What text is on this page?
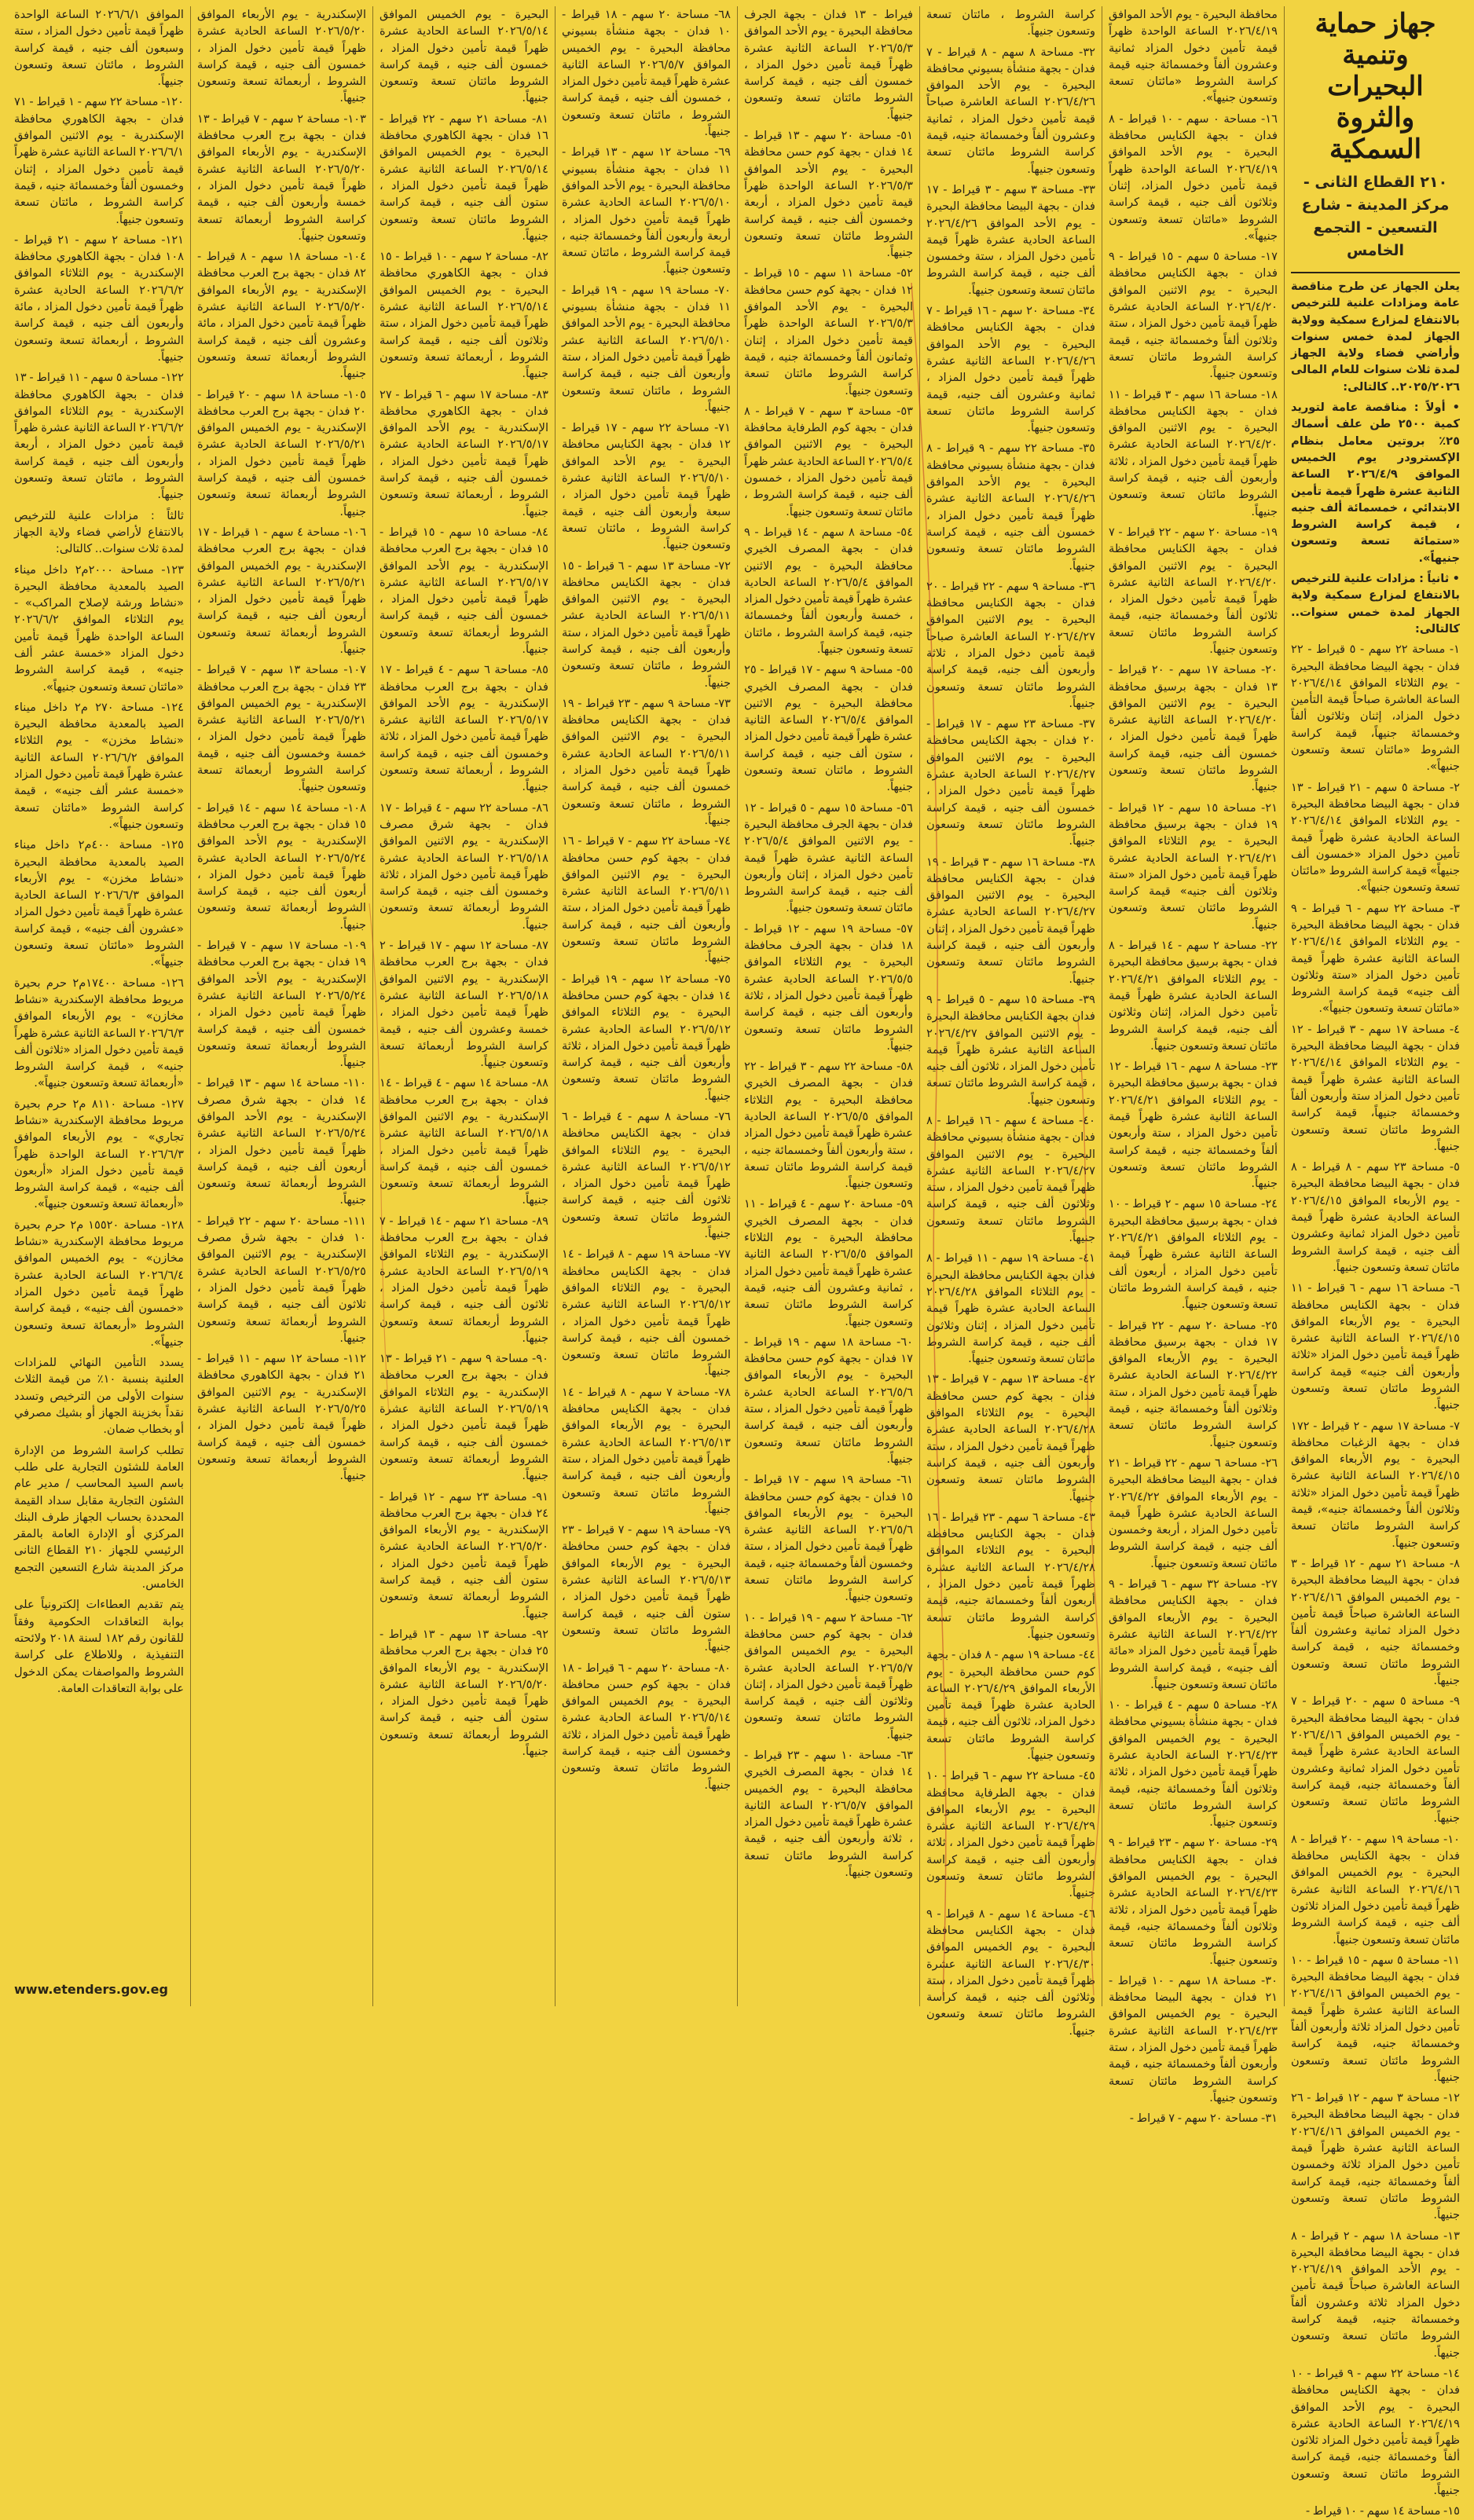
جهاز حماية وتنمية البحيرات والثروة السمكية
٢١٠ القطاع الثانى - مركز المدينة - شارع التسعين - التجمع الخامس

يعلن الجهاز عن طرح مناقصة عامة ومزادات علنية للترخيص بالانتفاع لمزارع سمكية وولاية الجهاز لمدة خمس سنوات وأراضي فضاء ولاية الجهاز لمدة ثلاث سنوات للعام المالى ٢٠٢٥/٢٠٢٦.. كالتالى:

• أولاً : مناقصة عامة لتوريد كمية ٢٥٠٠ طن علف أسماك ٢٥٪ بروتين معامل بنظام الإكسترودر يوم الخميس الموافق ٢٠٢٦/٤/٩ الساعة الثانية عشرة ظهراً قيمة تأمين الابتدائي ، خمسمائة ألف جنيه ، قيمة كراسة الشروط «ستمائة تسعة وتسعون جنيهاً».

• ثانياً : مزادات علنية للترخيص بالانتفاع لمزارع سمكية ولاية الجهاز لمدة خمس سنوات.. كالتالى:

١- مساحة ٢٢ سهم - ٥ قيراط - ٢٢ فدان - بجهة البيضا محافظة البحيرة - يوم الثلاثاء الموافق ٢٠٢٦/٤/١٤ الساعة العاشرة صباحاً قيمة التأمين دخول المزاد، إثنان وثلاثون ألفاً وخمسمائة جنيهاً، قيمة كراسة الشروط «مائتان تسعة وتسعون جنيهاً».

٢- مساحة ٥ سهم - ٢١ قيراط - ١٣ فدان - بجهة البيضا محافظة البحيرة - يوم الثلاثاء الموافق ٢٠٢٦/٤/١٤ الساعة الحادية عشرة ظهراً قيمة تأمين دخول المزاد «خمسون ألف جنيهاً» قيمة كراسة الشروط «مائتان تسعة وتسعون جنيهاً».

٣- مساحة ٢٢ سهم - ٦ قيراط - ٩ فدان - بجهة البيضا محافظة البحيرة - يوم الثلاثاء الموافق ٢٠٢٦/٤/١٤ الساعة الثانية عشرة ظهراً قيمة تأمين دخول المزاد «ستة وثلاثون ألف جنيه» قيمة كراسة الشروط «مائتان تسعة وتسعون جنيهاً».

٤- مساحة ١٧ سهم - ٣ قيراط - ١٢ فدان - بجهة البيضا محافظة البحيرة - يوم الثلاثاء الموافق ٢٠٢٦/٤/١٤ الساعة الثانية عشرة ظهراً قيمة تأمين دخول المزاد ستة وأربعون ألفاً وخمسمائة جنيهاً، قيمة كراسة الشروط مائتان تسعة وتسعون جنيهاً.

٥- مساحة ٢٣ سهم - ٨ قيراط - ٨ فدان - بجهة البيضا محافظة البحيرة - يوم الأربعاء الموافق ٢٠٢٦/٤/١٥ الساعة الحادية عشرة ظهراً قيمة تأمين دخول المزاد ثمانية وعشرون ألف جنيه ، قيمة كراسة الشروط مائتان تسعة وتسعون جنيهاً.

٦- مساحة ١٦ سهم - ٦ قيراط - ١١ فدان - بجهة الكنايس محافظة البحيرة - يوم الأربعاء الموافق ٢٠٢٦/٤/١٥ الساعة الثانية عشرة ظهراً قيمة تأمين دخول المزاد «ثلاثة وأربعون ألف جنيه» قيمة كراسة الشروط مائتان تسعة وتسعون جنيهاً.

٧- مساحة ١٧ سهم - ٢ قيراط - ١٧٢ فدان - بجهة الزغبات محافظة البحيرة - يوم الأربعاء الموافق ٢٠٢٦/٤/١٥ الساعة الثانية عشرة ظهراً قيمة تأمين دخول المزاد «ثلاثة وثلاثون ألفاً وخمسمائة جنيه»، قيمة كراسة الشروط مائتان تسعة وتسعون جنيهاً.

٨- مساحة ٢١ سهم - ١٢ قيراط - ٣ فدان - بجهة البيضا محافظة البحيرة - يوم الخميس الموافق ٢٠٢٦/٤/١٦ الساعة العاشرة صباحاً قيمة تأمين دخول المزاد ثمانية وعشرون ألفاً وخمسمائة جنيه ، قيمة كراسة الشروط مائتان تسعة وتسعون جنيهاً.

٩- مساحة ٥ سهم - ٢٠ قيراط - ٧ فدان - بجهة البيضا محافظة البحيرة - يوم الخميس الموافق ٢٠٢٦/٤/١٦ الساعة الحادية عشرة ظهراً قيمة تأمين دخول المزاد ثمانية وعشرون ألفاً وخمسمائة جنيه، قيمة كراسة الشروط مائتان تسعة وتسعون جنيهاً.

١٠- مساحة ١٩ سهم - ٢٠ قيراط - ٨ فدان - بجهة الكنايس محافظة البحيرة - يوم الخميس الموافق ٢٠٢٦/٤/١٦ الساعة الثانية عشرة ظهراً قيمة تأمين دخول المزاد ثلاثون ألف جنيه ، قيمة كراسة الشروط مائتان تسعة وتسعون جنيهاً.

١١- مساحة ٥ سهم - ١٥ قيراط - ١٠ فدان - بجهة البيضا محافظة البحيرة - يوم الخميس الموافق ٢٠٢٦/٤/١٦ الساعة الثانية عشرة ظهراً قيمة تأمين دخول المزاد ثلاثة وأربعون ألفاً وخمسمائة جنيه، قيمة كراسة الشروط مائتان تسعة وتسعون جنيهاً.

١٢- مساحة ٣ سهم - ١٢ قيراط - ٢٦ فدان - بجهة البيضا محافظة البحيرة - يوم الخميس الموافق ٢٠٢٦/٤/١٦ الساعة الثانية عشرة ظهراً قيمة تأمين دخول المزاد ثلاثة وخمسون ألفاً وخمسمائة جنيه، قيمة كراسة الشروط مائتان تسعة وتسعون جنيهاً.

١٣- مساحة ١٨ سهم - ٢ قيراط - ٨ فدان - بجهة البيضا محافظة البحيرة - يوم الأحد الموافق ٢٠٢٦/٤/١٩ الساعة العاشرة صباحاً قيمة تأمين دخول المزاد ثلاثة وعشرون ألفاً وخمسمائة جنيه، قيمة كراسة الشروط مائتان تسعة وتسعون جنيهاً.

١٤- مساحة ٢٢ سهم - ٩ قيراط - ١٠ فدان - بجهة الكنايس محافظة البحيرة - يوم الأحد الموافق ٢٠٢٦/٤/١٩ الساعة الحادية عشرة ظهراً قيمة تأمين دخول المزاد ثلاثون ألفاً وخمسمائة جنيه، قيمة كراسة الشروط مائتان تسعة وتسعون جنيهاً.

١٥- مساحة ١٤ سهم - ١٠ قيراط -

محافظة البحيرة - يوم الأحد الموافق ٢٠٢٦/٤/١٩ الساعة الواحدة ظهراً قيمة تأمين دخول المزاد ثمانية وعشرون ألفاً وخمسمائة جنيه قيمة كراسة الشروط «مائتان تسعة وتسعون جنيهاً».

١٦- مساحة ٠ سهم - ١٠ قيراط - ٨ فدان - بجهة الكنايس محافظة البحيرة - يوم الأحد الموافق ٢٠٢٦/٤/١٩ الساعة الواحدة ظهراً قيمة تأمين دخول المزاد، إثنان وثلاثون ألف جنيه ، قيمة كراسة الشروط «مائتان تسعة وتسعون جنيهاً».

١٧- مساحة ٥ سهم - ١٥ قيراط - ٩ فدان - بجهة الكنايس محافظة البحيرة - يوم الاثنين الموافق ٢٠٢٦/٤/٢٠ الساعة الحادية عشرة ظهراً قيمة تأمين دخول المزاد ، ستة وثلاثون ألفاً وخمسمائة جنيه ، قيمة كراسة الشروط مائتان تسعة وتسعون جنيهاً.

١٨- مساحة ١٦ سهم - ٣ قيراط - ١١ فدان - بجهة الكنايس محافظة البحيرة - يوم الاثنين الموافق ٢٠٢٦/٤/٢٠ الساعة الحادية عشرة ظهراً قيمة تأمين دخول المزاد ، ثلاثة وأربعون ألف جنيه ، قيمة كراسة الشروط مائتان تسعة وتسعون جنيهاً.

١٩- مساحة ٢٠ سهم - ٢٢ قيراط - ٧ فدان - بجهة الكنايس محافظة البحيرة - يوم الاثنين الموافق ٢٠٢٦/٤/٢٠ الساعة الثانية عشرة ظهراً قيمة تأمين دخول المزاد ، ثلاثون ألفاً وخمسمائة جنيه، قيمة كراسة الشروط مائتان تسعة وتسعون جنيهاً.

٢٠- مساحة ١٧ سهم - ٢٠ قيراط - ١٣ فدان - بجهة برسيق محافظة البحيرة - يوم الاثنين الموافق ٢٠٢٦/٤/٢٠ الساعة الثانية عشرة ظهراً قيمة تأمين دخول المزاد ، خمسون ألف جنيه، قيمة كراسة الشروط مائتان تسعة وتسعون جنيهاً.

٢١- مساحة ١٥ سهم - ١٢ قيراط - ١٩ فدان - بجهة برسيق محافظة البحيرة - يوم الثلاثاء الموافق ٢٠٢٦/٤/٢١ الساعة الحادية عشرة ظهراً قيمة تأمين دخول المزاد «ستة وثلاثون ألف جنيه» قيمة كراسة الشروط مائتان تسعة وتسعون جنيهاً.

٢٢- مساحة ٢ سهم - ١٤ قيراط - ٨ فدان - بجهة برسيق محافظة البحيرة - يوم الثلاثاء الموافق ٢٠٢٦/٤/٢١ الساعة الحادية عشرة ظهراً قيمة تأمين دخول المزاد، إثنان وثلاثون ألف جنيه، قيمة كراسة الشروط مائتان تسعة وتسعون جنيهاً.

٢٣- مساحة ٨ سهم - ١٦ قيراط - ١٢ فدان - بجهة برسيق محافظة البحيرة - يوم الثلاثاء الموافق ٢٠٢٦/٤/٢١ الساعة الثانية عشرة ظهراً قيمة تأمين دخول المزاد ، ستة وأربعون ألفاً وخمسمائة جنيه ، قيمة كراسة الشروط مائتان تسعة وتسعون جنيهاً.

٢٤- مساحة ١٥ سهم - ٢ قيراط - ١٠ فدان - بجهة برسيق محافظة البحيرة - يوم الثلاثاء الموافق ٢٠٢٦/٤/٢١ الساعة الثانية عشرة ظهراً قيمة تأمين دخول المزاد ، أربعون ألف جنيه ، قيمة كراسة الشروط مائتان تسعة وتسعون جنيهاً.

٢٥- مساحة ٢٠ سهم - ٢٢ قيراط - ١٧ فدان - بجهة برسيق محافظة البحيرة - يوم الأربعاء الموافق ٢٠٢٦/٤/٢٢ الساعة الحادية عشرة ظهراً قيمة تأمين دخول المزاد ، ستة وثلاثون ألفاً وخمسمائة جنيه ، قيمة كراسة الشروط مائتان تسعة وتسعون جنيهاً.

٢٦- مساحة ٦ سهم - ٢٢ قيراط - ٢١ فدان - بجهة البيضا محافظة البحيرة - يوم الأربعاء الموافق ٢٠٢٦/٤/٢٢ الساعة الحادية عشرة ظهراً قيمة تأمين دخول المزاد ، أربعة وخمسون ألف جنيه ، قيمة كراسة الشروط مائتان تسعة وتسعون جنيهاً.

٢٧- مساحة ٣٢ سهم - ٦ قيراط - ٩ فدان - بجهة الكنايس محافظة البحيرة - يوم الأربعاء الموافق ٢٠٢٦/٤/٢٢ الساعة الثانية عشرة ظهراً قيمة تأمين دخول المزاد «مائة ألف جنيه» ، قيمة كراسة الشروط مائتان تسعة وتسعون جنيهاً.

٢٨- مساحة ٥ سهم - ٤ قيراط - ١٠ فدان - بجهة منشأة بسيوني محافظة البحيرة - يوم الخميس الموافق ٢٠٢٦/٤/٢٣ الساعة الحادية عشرة ظهراً قيمة تأمين دخول المزاد ، ثلاثة وثلاثون ألفاً وخمسمائة جنيه، قيمة كراسة الشروط مائتان تسعة وتسعون جنيهاً.

٢٩- مساحة ٢٠ سهم - ٢٣ قيراط - ٩ فدان - بجهة الكنايس محافظة البحيرة - يوم الخميس الموافق ٢٠٢٦/٤/٢٣ الساعة الحادية عشرة ظهراً قيمة تأمين دخول المزاد ، ثلاثة وثلاثون ألفاً وخمسمائة جنيه، قيمة كراسة الشروط مائتان تسعة وتسعون جنيهاً.

٣٠- مساحة ١٨ سهم - ١٠ قيراط - ٢١ فدان - بجهة البيضا محافظة البحيرة - يوم الخميس الموافق ٢٠٢٦/٤/٢٣ الساعة الثانية عشرة ظهراً قيمة تأمين دخول المزاد ، ستة وأربعون ألفاً وخمسمائة جنيه ، قيمة كراسة الشروط مائتان تسعة وتسعون جنيهاً.

٣١- مساحة ٢٠ سهم - ٧ قيراط -

كراسة الشروط ، مائتان تسعة وتسعون جنيهاً.

٣٢- مساحة ٨ سهم - ٨ قيراط - ٧ فدان - بجهة منشأة بسيوني محافظة البحيرة - يوم الأحد الموافق ٢٠٢٦/٤/٢٦ الساعة العاشرة صباحاً قيمة تأمين دخول المزاد ، ثمانية وعشرون ألفاً وخمسمائة جنيه، قيمة كراسة الشروط مائتان تسعة وتسعون جنيهاً.

٣٣- مساحة ٣ سهم - ٣ قيراط - ١٧ فدان - بجهة البيضا محافظة البحيرة - يوم الأحد الموافق ٢٠٢٦/٤/٢٦ الساعة الحادية عشرة ظهراً قيمة تأمين دخول المزاد ، ستة وخمسون ألف جنيه ، قيمة كراسة الشروط مائتان تسعة وتسعون جنيهاً.

٣٤- مساحة ٢٠ سهم - ١٦ قيراط - ٧ فدان - بجهة الكنايس محافظة البحيرة - يوم الأحد الموافق ٢٠٢٦/٤/٢٦ الساعة الثانية عشرة ظهراً قيمة تأمين دخول المزاد ، ثمانية وعشرون ألف جنيه، قيمة كراسة الشروط مائتان تسعة وتسعون جنيهاً.

٣٥- مساحة ٢٢ سهم - ٩ قيراط - ٨ فدان - بجهة منشأة بسيوني محافظة البحيرة - يوم الأحد الموافق ٢٠٢٦/٤/٢٦ الساعة الثانية عشرة ظهراً قيمة تأمين دخول المزاد ، خمسون ألف جنيه ، قيمة كراسة الشروط مائتان تسعة وتسعون جنيهاً.

٣٦- مساحة ٩ سهم - ٢٢ قيراط - ٢٠ فدان - بجهة الكنايس محافظة البحيرة - يوم الاثنين الموافق ٢٠٢٦/٤/٢٧ الساعة العاشرة صباحاً قيمة تأمين دخول المزاد ، ثلاثة وأربعون ألف جنيه، قيمة كراسة الشروط مائتان تسعة وتسعون جنيهاً.

٣٧- مساحة ٢٣ سهم - ١٧ قيراط - ٢٠ فدان - بجهة الكنايس محافظة البحيرة - يوم الاثنين الموافق ٢٠٢٦/٤/٢٧ الساعة الحادية عشرة ظهراً قيمة تأمين دخول المزاد ، خمسون ألف جنيه ، قيمة كراسة الشروط مائتان تسعة وتسعون جنيهاً.

٣٨- مساحة ١٦ سهم - ٣ قيراط - ١٩ فدان - بجهة الكنايس محافظة البحيرة - يوم الاثنين الموافق ٢٠٢٦/٤/٢٧ الساعة الحادية عشرة ظهراً قيمة تأمين دخول المزاد ، إثنان وأربعون ألف جنيه ، قيمة كراسة الشروط مائتان تسعة وتسعون جنيهاً.

٣٩- مساحة ١٥ سهم - ٥ قيراط - ٩ فدان بجهة الكنايس محافظة البحيرة - يوم الاثنين الموافق ٢٠٢٦/٤/٢٧ الساعة الثانية عشرة ظهراً قيمة تأمين دخول المزاد ، ثلاثون ألف جنيه ، قيمة كراسة الشروط مائتان تسعة وتسعون جنيهاً.

٤٠- مساحة ٤ سهم - ١٦ قيراط - ٨ فدان - بجهة منشأة بسيوني محافظة البحيرة - يوم الاثنين الموافق ٢٠٢٦/٤/٢٧ الساعة الثانية عشرة ظهراً قيمة تأمين دخول المزاد ، ستة وثلاثون ألف جنيه ، قيمة كراسة الشروط مائتان تسعة وتسعون جنيهاً.

٤١- مساحة ١٩ سهم - ١١ قيراط - ٨ فدان بجهة الكنايس محافظة البحيرة - يوم الثلاثاء الموافق ٢٠٢٦/٤/٢٨ الساعة الحادية عشرة ظهراً قيمة تأمين دخول المزاد ، إثنان وثلاثون ألف جنيه ، قيمة كراسة الشروط مائتان تسعة وتسعون جنيهاً.

٤٢- مساحة ١٣ سهم - ٧ قيراط - ١٣ فدان - بجهة كوم حسن محافظة البحيرة - يوم الثلاثاء الموافق ٢٠٢٦/٤/٢٨ الساعة الحادية عشرة ظهراً قيمة تأمين دخول المزاد ، ستة وأربعون ألف جنيه ، قيمة كراسة الشروط مائتان تسعة وتسعون جنيهاً.

٤٣- مساحة ٦ سهم - ٢٣ قيراط - ١٦ فدان - بجهة الكنايس محافظة البحيرة - يوم الثلاثاء الموافق ٢٠٢٦/٤/٢٨ الساعة الثانية عشرة ظهراً قيمة تأمين دخول المزاد ، أربعون ألفاً وخمسمائة جنيه، قيمة كراسة الشروط مائتان تسعة وتسعون جنيهاً.

٤٤- مساحة ١٩ سهم - ٨ فدان - بجهة كوم حسن محافظة البحيرة - يوم الأربعاء الموافق ٢٠٢٦/٤/٢٩ الساعة الحادية عشرة ظهراً قيمة تأمين دخول المزاد، ثلاثون ألف جنيه ، قيمة كراسة الشروط مائتان تسعة وتسعون جنيهاً.

٤٥- مساحة ٢٢ سهم - ٦ قيراط - ١٠ فدان - بجهة الطرفاية محافظة البحيرة - يوم الأربعاء الموافق ٢٠٢٦/٤/٢٩ الساعة الثانية عشرة ظهراً قيمة تأمين دخول المزاد ، ثلاثة وأربعون ألف جنيه ، قيمة كراسة الشروط مائتان تسعة وتسعون جنيهاً.

٤٦- مساحة ١٤ سهم - ٨ قيراط - ٩ فدان - بجهة الكنايس محافظة البحيرة - يوم الخميس الموافق ٢٠٢٦/٤/٣٠ الساعة الثانية عشرة ظهراً قيمة تأمين دخول المزاد ، ستة وثلاثون ألف جنيه ، قيمة كراسة الشروط مائتان تسعة وتسعون جنيهاً.

فيراط - ١٣ فدان - بجهة الجرف محافظة البحيرة - يوم الأحد الموافق ٢٠٢٦/٥/٣ الساعة الثانية عشرة ظهراً قيمة تأمين دخول المزاد ، خمسون ألف جنيه ، قيمة كراسة الشروط مائتان تسعة وتسعون جنيهاً.

٥١- مساحة ٢٠ سهم - ١٣ قيراط - ١٤ فدان - بجهة كوم حسن محافظة البحيرة - يوم الأحد الموافق ٢٠٢٦/٥/٣ الساعة الواحدة ظهراً قيمة تأمين دخول المزاد ، أربعة وخمسون ألف جنيه ، قيمة كراسة الشروط مائتان تسعة وتسعون جنيهاً.

٥٢- مساحة ١١ سهم - ١٥ قيراط - ١٢ فدان - بجهة كوم حسن محافظة البحيرة - يوم الأحد الموافق ٢٠٢٦/٥/٣ الساعة الواحدة ظهراً قيمة تأمين دخول المزاد ، إثنان وثمانون ألفاً وخمسمائة جنيه ، قيمة كراسة الشروط مائتان تسعة وتسعون جنيهاً.

٥٣- مساحة ٣ سهم - ٧ قيراط - ٨ فدان - بجهة كوم الطرفاية محافظة البحيرة - يوم الاثنين الموافق ٢٠٢٦/٥/٤ الساعة الحادية عشر ظهراً قيمة تأمين دخول المزاد ، خمسون ألف جنيه ، قيمة كراسة الشروط ، مائتان تسعة وتسعون جنيهاً.

٥٤- مساحة ٨ سهم - ١٤ قيراط - ٩ فدان - بجهة المصرف الخيري محافظة البحيرة - يوم الاثنين الموافق ٢٠٢٦/٥/٤ الساعة الحادية عشرة ظهراً قيمة تأمين دخول المزاد ، خمسة وأربعون ألفاً وخمسمائة جنيه، قيمة كراسة الشروط ، مائتان تسعة وتسعون جنيهاً.

٥٥- مساحة ٩ سهم - ١٧ قيراط - ٢٥ فدان - بجهة المصرف الخيري محافظة البحيرة - يوم الاثنين الموافق ٢٠٢٦/٥/٤ الساعة الثانية عشرة ظهراً قيمة تأمين دخول المزاد ، ستون ألف جنيه ، قيمة كراسة الشروط ، مائتان تسعة وتسعون جنيهاً.

٥٦- مساحة ١٥ سهم - ٥ قيراط - ١٢ فدان - بجهة الجرف محافظة البحيرة - يوم الاثنين الموافق ٢٠٢٦/٥/٤ الساعة الثانية عشرة ظهراً قيمة تأمين دخول المزاد ، إثنان وأربعون ألف جنيه ، قيمة كراسة الشروط مائتان تسعة وتسعون جنيهاً.

٥٧- مساحة ١٩ سهم - ١٢ قيراط - ١٨ فدان - بجهة الجرف محافظة البحيرة - يوم الثلاثاء الموافق ٢٠٢٦/٥/٥ الساعة الحادية عشرة ظهراً قيمة تأمين دخول المزاد ، ثلاثة وأربعون ألف جنيه ، قيمة كراسة الشروط مائتان تسعة وتسعون جنيهاً.

٥٨- مساحة ٢٢ سهم - ٣ قيراط - ٢٢ فدان - بجهة المصرف الخيري محافظة البحيرة - يوم الثلاثاء الموافق ٢٠٢٦/٥/٥ الساعة الحادية عشرة ظهراً قيمة تأمين دخول المزاد ، ستة وأربعون ألفاً وخمسمائة جنيه ، قيمة كراسة الشروط مائتان تسعة وتسعون جنيهاً.

٥٩- مساحة ٢٠ سهم - ٤ قيراط - ١١ فدان - بجهة المصرف الخيري محافظة البحيرة - يوم الثلاثاء الموافق ٢٠٢٦/٥/٥ الساعة الثانية عشرة ظهراً قيمة تأمين دخول المزاد ، ثمانية وعشرون ألف جنيه، قيمة كراسة الشروط مائتان تسعة وتسعون جنيهاً.

٦٠- مساحة ١٨ سهم - ١٩ قيراط - ١٧ فدان - بجهة كوم حسن محافظة البحيرة - يوم الأربعاء الموافق ٢٠٢٦/٥/٦ الساعة الحادية عشرة ظهراً قيمة تأمين دخول المزاد ، ستة وأربعون ألف جنيه ، قيمة كراسة الشروط مائتان تسعة وتسعون جنيهاً.

٦١- مساحة ١٩ سهم - ١٧ قيراط - ١٥ فدان - بجهة كوم حسن محافظة البحيرة - يوم الأربعاء الموافق ٢٠٢٦/٥/٦ الساعة الثانية عشرة ظهراً قيمة تأمين دخول المزاد ، ستة وخمسون ألفاً وخمسمائة جنيه ، قيمة كراسة الشروط مائتان تسعة وتسعون جنيهاً.

٦٢- مساحة ٢ سهم - ١٩ قيراط - ١٠ فدان - بجهة كوم حسن محافظة البحيرة - يوم الخميس الموافق ٢٠٢٦/٥/٧ الساعة الحادية عشرة ظهراً قيمة تأمين دخول المزاد ، إثنان وثلاثون ألف جنيه ، قيمة كراسة الشروط مائتان تسعة وتسعون جنيهاً.

٦٣- مساحة ١٠ سهم - ٢٣ قيراط - ١٤ فدان - بجهة المصرف الخيري محافظة البحيرة - يوم الخميس الموافق ٢٠٢٦/٥/٧ الساعة الثانية عشرة ظهراً قيمة تأمين دخول المزاد ، ثلاثة وأربعون ألف جنيه ، قيمة كراسة الشروط مائتان تسعة وتسعون جنيهاً.

٦٨- مساحة ٢٠ سهم - ١٨ قيراط - ١٠ فدان - بجهة منشأة بسيوني محافظة البحيرة - يوم الخميس الموافق ٢٠٢٦/٥/٧ الساعة الثانية عشرة ظهراً قيمة تأمين دخول المزاد ، خمسون ألف جنيه ، قيمة كراسة الشروط ، مائتان تسعة وتسعون جنيهاً.

٦٩- مساحة ١٢ سهم - ١٣ قيراط - ١١ فدان - بجهة منشأة بسيوني محافظة البحيرة - يوم الأحد الموافق ٢٠٢٦/٥/١٠ الساعة الحادية عشرة ظهراً قيمة تأمين دخول المزاد ، أربعة وأربعون ألفاً وخمسمائة جنيه ، قيمة كراسة الشروط ، مائتان تسعة وتسعون جنيهاً.

٧٠- مساحة ١٩ سهم - ١٩ قيراط - ١١ فدان - بجهة منشأة بسيوني محافظة البحيرة - يوم الأحد الموافق ٢٠٢٦/٥/١٠ الساعة الثانية عشر ظهراً قيمة تأمين دخول المزاد ، ستة وأربعون ألف جنيه ، قيمة كراسة الشروط ، مائتان تسعة وتسعون جنيهاً.

٧١- مساحة ٢٢ سهم - ١٧ قيراط - ١٢ فدان - بجهة الكنايس محافظة البحيرة - يوم الأحد الموافق ٢٠٢٦/٥/١٠ الساعة الثانية عشرة ظهراً قيمة تأمين دخول المزاد ، سبعة وأربعون ألف جنيه ، قيمة كراسة الشروط ، مائتان تسعة وتسعون جنيهاً.

٧٢- مساحة ١٣ سهم - ٦ قيراط - ١٥ فدان - بجهة الكنايس محافظة البحيرة - يوم الاثنين الموافق ٢٠٢٦/٥/١١ الساعة الحادية عشر ظهراً قيمة تأمين دخول المزاد ، ستة وأربعون ألف جنيه ، قيمة كراسة الشروط ، مائتان تسعة وتسعون جنيهاً.

٧٣- مساحة ٩ سهم - ٢٣ قيراط - ١٩ فدان - بجهة الكنايس محافظة البحيرة - يوم الاثنين الموافق ٢٠٢٦/٥/١١ الساعة الحادية عشرة ظهراً قيمة تأمين دخول المزاد ، خمسون ألف جنيه ، قيمة كراسة الشروط ، مائتان تسعة وتسعون جنيهاً.

٧٤- مساحة ٢٢ سهم - ٧ قيراط - ١٦ فدان - بجهة كوم حسن محافظة البحيرة - يوم الاثنين الموافق ٢٠٢٦/٥/١١ الساعة الثانية عشرة ظهراً قيمة تأمين دخول المزاد ، ستة وأربعون ألف جنيه ، قيمة كراسة الشروط مائتان تسعة وتسعون جنيهاً.

٧٥- مساحة ١٢ سهم - ١٩ قيراط - ١٤ فدان - بجهة كوم حسن محافظة البحيرة - يوم الثلاثاء الموافق ٢٠٢٦/٥/١٢ الساعة الحادية عشرة ظهراً قيمة تأمين دخول المزاد ، ثلاثة وأربعون ألف جنيه ، قيمة كراسة الشروط مائتان تسعة وتسعون جنيهاً.

٧٦- مساحة ٨ سهم - ٤ قيراط - ٦ فدان - بجهة الكنايس محافظة البحيرة - يوم الثلاثاء الموافق ٢٠٢٦/٥/١٢ الساعة الثانية عشرة ظهراً قيمة تأمين دخول المزاد ، ثلاثون ألف جنيه ، قيمة كراسة الشروط مائتان تسعة وتسعون جنيهاً.

٧٧- مساحة ١٩ سهم - ٨ قيراط - ١٤ فدان - بجهة الكنايس محافظة البحيرة - يوم الثلاثاء الموافق ٢٠٢٦/٥/١٢ الساعة الثانية عشرة ظهراً قيمة تأمين دخول المزاد ، خمسون ألف جنيه ، قيمة كراسة الشروط مائتان تسعة وتسعون جنيهاً.

٧٨- مساحة ٧ سهم - ٨ قيراط - ١٤ فدان - بجهة الكنايس محافظة البحيرة - يوم الأربعاء الموافق ٢٠٢٦/٥/١٣ الساعة الحادية عشرة ظهراً قيمة تأمين دخول المزاد ، ستة وأربعون ألف جنيه ، قيمة كراسة الشروط مائتان تسعة وتسعون جنيهاً.

٧٩- مساحة ١٩ سهم - ٧ قيراط - ٢٣ فدان - بجهة كوم حسن محافظة البحيرة - يوم الأربعاء الموافق ٢٠٢٦/٥/١٣ الساعة الثانية عشرة ظهراً قيمة تأمين دخول المزاد ، ستون ألف جنيه ، قيمة كراسة الشروط مائتان تسعة وتسعون جنيهاً.

٨٠- مساحة ٢٠ سهم - ٦ قيراط - ١٨ فدان - بجهة كوم حسن محافظة البحيرة - يوم الخميس الموافق ٢٠٢٦/٥/١٤ الساعة الحادية عشرة ظهراً قيمة تأمين دخول المزاد ، ثلاثة وخمسون ألف جنيه ، قيمة كراسة الشروط مائتان تسعة وتسعون جنيهاً.

البحيرة - يوم الخميس الموافق ٢٠٢٦/٥/١٤ الساعة الحادية عشرة ظهراً قيمة تأمين دخول المزاد ، خمسون ألف جنيه ، قيمة كراسة الشروط مائتان تسعة وتسعون جنيهاً.

٨١- مساحة ٢١ سهم - ٢٢ قيراط - ١٦ فدان - بجهة الكاهوري محافظة البحيرة - يوم الخميس الموافق ٢٠٢٦/٥/١٤ الساعة الثانية عشرة ظهراً قيمة تأمين دخول المزاد ، ستون ألف جنيه ، قيمة كراسة الشروط مائتان تسعة وتسعون جنيهاً.

٨٢- مساحة ٢ سهم - ١٠ قيراط - ١٥ فدان - بجهة الكاهوري محافظة البحيرة - يوم الخميس الموافق ٢٠٢٦/٥/١٤ الساعة الثانية عشرة ظهراً قيمة تأمين دخول المزاد ، ستة وثلاثون ألف جنيه ، قيمة كراسة الشروط ، أربعمائة تسعة وتسعون جنيهاً.

٨٣- مساحة ١٧ سهم - ٦ قيراط - ٢٧ فدان - بجهة الكاهوري محافظة الإسكندرية - يوم الأحد الموافق ٢٠٢٦/٥/١٧ الساعة الحادية عشرة ظهراً قيمة تأمين دخول المزاد ، خمسون ألف جنيه ، قيمة كراسة الشروط ، أربعمائة تسعة وتسعون جنيهاً.

٨٤- مساحة ١٥ سهم - ١٥ قيراط - ١٥ فدان - بجهة برج العرب محافظة الإسكندرية - يوم الأحد الموافق ٢٠٢٦/٥/١٧ الساعة الثانية عشرة ظهراً قيمة تأمين دخول المزاد ، خمسون ألف جنيه ، قيمة كراسة الشروط أربعمائة تسعة وتسعون جنيهاً.

٨٥- مساحة ٦ سهم - ٤ قيراط - ١٧ فدان - بجهة برج العرب محافظة الإسكندرية - يوم الأحد الموافق ٢٠٢٦/٥/١٧ الساعة الثانية عشرة ظهراً قيمة تأمين دخول المزاد ، ثلاثة وخمسون ألف جنيه ، قيمة كراسة الشروط ، أربعمائة تسعة وتسعون جنيهاً.

٨٦- مساحة ٢٢ سهم - ٤ قيراط - ١٧ فدان - بجهة شرق مصرف الإسكندرية - يوم الاثنين الموافق ٢٠٢٦/٥/١٨ الساعة الحادية عشرة ظهراً قيمة تأمين دخول المزاد ، ثلاثة وخمسون ألف جنيه ، قيمة كراسة الشروط أربعمائة تسعة وتسعون جنيهاً.

٨٧- مساحة ١٢ سهم - ١٧ قيراط - ٢ فدان - بجهة برج العرب محافظة الإسكندرية - يوم الاثنين الموافق ٢٠٢٦/٥/١٨ الساعة الثانية عشرة ظهراً قيمة تأمين دخول المزاد ، خمسة وعشرون ألف جنيه ، قيمة كراسة الشروط أربعمائة تسعة وتسعون جنيهاً.

٨٨- مساحة ١٤ سهم - ٤ قيراط - ١٤ فدان - بجهة برج العرب محافظة الإسكندرية - يوم الاثنين الموافق ٢٠٢٦/٥/١٨ الساعة الثانية عشرة ظهراً قيمة تأمين دخول المزاد ، خمسون ألف جنيه ، قيمة كراسة الشروط أربعمائة تسعة وتسعون جنيهاً.

٨٩- مساحة ٢١ سهم - ١٤ قيراط - ٧ فدان - بجهة برج العرب محافظة الإسكندرية - يوم الثلاثاء الموافق ٢٠٢٦/٥/١٩ الساعة الحادية عشرة ظهراً قيمة تأمين دخول المزاد ، ثلاثون ألف جنيه ، قيمة كراسة الشروط أربعمائة تسعة وتسعون جنيهاً.

٩٠- مساحة ٩ سهم - ٢١ قيراط - ١٣ فدان - بجهة برج العرب محافظة الإسكندرية - يوم الثلاثاء الموافق ٢٠٢٦/٥/١٩ الساعة الثانية عشرة ظهراً قيمة تأمين دخول المزاد ، خمسون ألف جنيه ، قيمة كراسة الشروط أربعمائة تسعة وتسعون جنيهاً.

٩١- مساحة ٢٣ سهم - ١٢ قيراط - ٢٤ فدان - بجهة برج العرب محافظة الإسكندرية - يوم الأربعاء الموافق ٢٠٢٦/٥/٢٠ الساعة الحادية عشرة ظهراً قيمة تأمين دخول المزاد ، ستون ألف جنيه ، قيمة كراسة الشروط أربعمائة تسعة وتسعون جنيهاً.

٩٢- مساحة ١٣ سهم - ١٣ قيراط - ٢٥ فدان - بجهة برج العرب محافظة الإسكندرية - يوم الأربعاء الموافق ٢٠٢٦/٥/٢٠ الساعة الثانية عشرة ظهراً قيمة تأمين دخول المزاد ، ستون ألف جنيه ، قيمة كراسة الشروط أربعمائة تسعة وتسعون جنيهاً.

الإسكندرية - يوم الأربعاء الموافق ٢٠٢٦/٥/٢٠ الساعة الحادية عشرة ظهراً قيمة تأمين دخول المزاد ، خمسون ألف جنيه ، قيمة كراسة الشروط ، أربعمائة تسعة وتسعون جنيهاً.

١٠٣- مساحة ٢ سهم - ٧ قيراط - ١٣ فدان - بجهة برج العرب محافظة الإسكندرية - يوم الأربعاء الموافق ٢٠٢٦/٥/٢٠ الساعة الثانية عشرة ظهراً قيمة تأمين دخول المزاد ، خمسة وأربعون ألف جنيه ، قيمة كراسة الشروط أربعمائة تسعة وتسعون جنيهاً.

١٠٤- مساحة ١٨ سهم - ٨ قيراط - ٨٢ فدان - بجهة برج العرب محافظة الإسكندرية - يوم الأربعاء الموافق ٢٠٢٦/٥/٢٠ الساعة الثانية عشرة ظهراً قيمة تأمين دخول المزاد ، مائة وعشرون ألف جنيه ، قيمة كراسة الشروط أربعمائة تسعة وتسعون جنيهاً.

١٠٥- مساحة ١٨ سهم - ٢٠ قيراط - ٢٠ فدان - بجهة برج العرب محافظة الإسكندرية - يوم الخميس الموافق ٢٠٢٦/٥/٢١ الساعة الحادية عشرة ظهراً قيمة تأمين دخول المزاد ، خمسون ألف جنيه ، قيمة كراسة الشروط أربعمائة تسعة وتسعون جنيهاً.

١٠٦- مساحة ٤ سهم - ١ قيراط - ١٧ فدان - بجهة برج العرب محافظة الإسكندرية - يوم الخميس الموافق ٢٠٢٦/٥/٢١ الساعة الثانية عشرة ظهراً قيمة تأمين دخول المزاد ، أربعون ألف جنيه ، قيمة كراسة الشروط أربعمائة تسعة وتسعون جنيهاً.

١٠٧- مساحة ١٣ سهم - ٧ قيراط - ٢٣ فدان - بجهة برج العرب محافظة الإسكندرية - يوم الخميس الموافق ٢٠٢٦/٥/٢١ الساعة الثانية عشرة ظهراً قيمة تأمين دخول المزاد ، خمسة وخمسون ألف جنيه ، قيمة كراسة الشروط أربعمائة تسعة وتسعون جنيهاً.

١٠٨- مساحة ١٤ سهم - ١٤ قيراط - ١٥ فدان - بجهة برج العرب محافظة الإسكندرية - يوم الأحد الموافق ٢٠٢٦/٥/٢٤ الساعة الحادية عشرة ظهراً قيمة تأمين دخول المزاد ، أربعون ألف جنيه ، قيمة كراسة الشروط أربعمائة تسعة وتسعون جنيهاً.

١٠٩- مساحة ١٧ سهم - ٧ قيراط - ١٩ فدان - بجهة برج العرب محافظة الإسكندرية - يوم الأحد الموافق ٢٠٢٦/٥/٢٤ الساعة الثانية عشرة ظهراً قيمة تأمين دخول المزاد ، خمسون ألف جنيه ، قيمة كراسة الشروط أربعمائة تسعة وتسعون جنيهاً.

١١٠- مساحة ١٤ سهم - ١٣ قيراط - ١٤ فدان - بجهة شرق مصرف الإسكندرية - يوم الأحد الموافق ٢٠٢٦/٥/٢٤ الساعة الثانية عشرة ظهراً قيمة تأمين دخول المزاد ، أربعون ألف جنيه ، قيمة كراسة الشروط أربعمائة تسعة وتسعون جنيهاً.

١١١- مساحة ٢٠ سهم - ٢٢ قيراط - ١٠ فدان - بجهة شرق مصرف الإسكندرية - يوم الاثنين الموافق ٢٠٢٦/٥/٢٥ الساعة الحادية عشرة ظهراً قيمة تأمين دخول المزاد ، ثلاثون ألف جنيه ، قيمة كراسة الشروط أربعمائة تسعة وتسعون جنيهاً.

١١٢- مساحة ١٢ سهم - ١١ قيراط - ٢١ فدان - بجهة الكاهوري محافظة الإسكندرية - يوم الاثنين الموافق ٢٠٢٦/٥/٢٥ الساعة الثانية عشرة ظهراً قيمة تأمين دخول المزاد ، خمسون ألف جنيه ، قيمة كراسة الشروط أربعمائة تسعة وتسعون جنيهاً.

الموافق ٢٠٢٦/٦/١ الساعة الواحدة ظهراً قيمة تأمين دخول المزاد ، ستة وسبعون ألف جنيه ، قيمة كراسة الشروط ، مائتان تسعة وتسعون جنيهاً.

١٢٠- مساحة ٢٢ سهم - ١ قيراط - ٧١ فدان - بجهة الكاهوري محافظة الإسكندرية - يوم الاثنين الموافق ٢٠٢٦/٦/١ الساعة الثانية عشرة ظهراً قيمة تأمين دخول المزاد ، إثنان وخمسون ألفاً وخمسمائة جنيه ، قيمة كراسة الشروط ، مائتان تسعة وتسعون جنيهاً.

١٢١- مساحة ٢ سهم - ٢١ قيراط - ١٠٨ فدان - بجهة الكاهوري محافظة الإسكندرية - يوم الثلاثاء الموافق ٢٠٢٦/٦/٢ الساعة الحادية عشرة ظهراً قيمة تأمين دخول المزاد ، مائة وأربعون ألف جنيه ، قيمة كراسة الشروط ، أربعمائة تسعة وتسعون جنيهاً.

١٢٢- مساحة ٥ سهم - ١١ قيراط - ١٣ فدان - بجهة الكاهوري محافظة الإسكندرية - يوم الثلاثاء الموافق ٢٠٢٦/٦/٢ الساعة الثانية عشرة ظهراً قيمة تأمين دخول المزاد ، أربعة وأربعون ألف جنيه ، قيمة كراسة الشروط ، مائتان تسعة وتسعون جنيهاً.

ثالثاً : مزادات علنية للترخيص بالانتفاع لأراضي فضاء ولاية الجهاز لمدة ثلاث سنوات.. كالتالى:

١٢٣- مساحة ٢٠٠٠م٢ داخل ميناء الصيد بالمعدية محافظة البحيرة «نشاط ورشة لإصلاح المراكب» - يوم الثلاثاء الموافق ٢٠٢٦/٦/٢ الساعة الواحدة ظهراً قيمة تأمين دخول المزاد «خمسة عشر ألف جنيه» ، قيمة كراسة الشروط «مائتان تسعة وتسعون جنيهاً».

١٢٤- مساحة ٢٧٠ م٢ داخل ميناء الصيد بالمعدية محافظة البحيرة «نشاط مخزن» - يوم الثلاثاء الموافق ٢٠٢٦/٦/٢ الساعة الثانية عشرة ظهراً قيمة تأمين دخول المزاد «خمسة عشر ألف جنيه» ، قيمة كراسة الشروط «مائتان تسعة وتسعون جنيهاً».

١٢٥- مساحة ٤٠٠م٢ داخل ميناء الصيد بالمعدية محافظة البحيرة «نشاط مخزن» - يوم الأربعاء الموافق ٢٠٢٦/٦/٣ الساعة الحادية عشرة ظهراً قيمة تأمين دخول المزاد «عشرون ألف جنيه» ، قيمة كراسة الشروط «مائتان تسعة وتسعون جنيهاً».

١٢٦- مساحة ١٧٤٠٠م٢ حرم بحيرة مريوط محافظة الإسكندرية «نشاط مخازن» - يوم الأربعاء الموافق ٢٠٢٦/٦/٣ الساعة الثانية عشرة ظهراً قيمة تأمين دخول المزاد «ثلاثون ألف جنيه» ، قيمة كراسة الشروط «أربعمائة تسعة وتسعون جنيهاً».

١٢٧- مساحة ٨١١٠ م٢ حرم بحيرة مريوط محافظة الإسكندرية «نشاط تجاري» - يوم الأربعاء الموافق ٢٠٢٦/٦/٣ الساعة الواحدة ظهراً قيمة تأمين دخول المزاد «أربعون ألف جنيه» ، قيمة كراسة الشروط «أربعمائة تسعة وتسعون جنيهاً».

١٢٨- مساحة ١٥٥٢٠ م٢ حرم بحيرة مريوط محافظة الإسكندرية «نشاط مخازن» - يوم الخميس الموافق ٢٠٢٦/٦/٤ الساعة الحادية عشرة ظهراً قيمة تأمين دخول المزاد «خمسون ألف جنيه» ، قيمة كراسة الشروط «أربعمائة تسعة وتسعون جنيهاً».

يسدد التأمين النهائي للمزادات العلنية بنسبة ١٠٪ من قيمة الثلاث سنوات الأولى من الترخيص وتسدد نقداً بخزينة الجهاز أو بشيك مصرفي أو بخطاب ضمان.

تطلب كراسة الشروط من الإدارة العامة للشئون التجارية على طلب باسم السيد المحاسب / مدير عام الشئون التجارية مقابل سداد القيمة المحددة بحساب الجهاز طرف البنك المركزي أو الإدارة العامة بالمقر الرئيسي للجهاز ٢١٠ القطاع الثانى مركز المدينة شارع التسعين التجمع الخامس.

يتم تقديم العطاءات إلكترونياً على بوابة التعاقدات الحكومية وفقاً للقانون رقم ١٨٢ لسنة ٢٠١٨ ولائحته التنفيذية ، وللاطلاع على كراسة الشروط والمواصفات يمكن الدخول على بوابة التعاقدات العامة.

www.etenders.gov.eg
